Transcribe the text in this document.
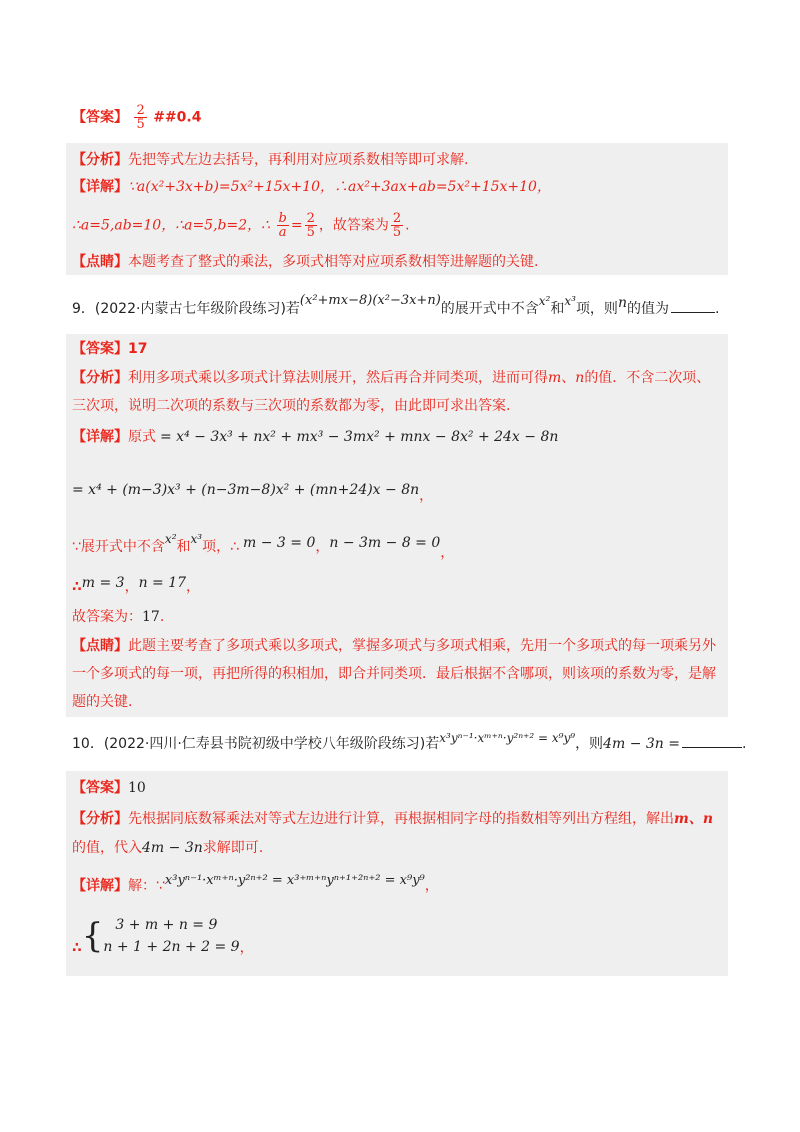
【答案】 $\frac{2}{5}$ ##0.4
【分析】先把等式左边去括号，再利用对应项系数相等即可求解.
【详解】∵a(x²+3x+b)=5x²+15x+10，∴ax²+3ax+ab=5x²+15x+10，
∴a=5,ab=10，∴a=5,b=2，∴ $\frac{b}{a} = \frac{2}{5}$ ，故答案为 $\frac{2}{5}$ .
【点睛】本题考查了整式的乘法，多项式相等对应项系数相等进解题的关键.
9．(2022·内蒙古七年级阶段练习)若(x²+mx−8)(x²−3x+n)的展开式中不含x²和x³项，则n的值为	.
【答案】17
【分析】利用多项式乘以多项式计算法则展开，然后再合并同类项，进而可得m、n的值．不含二次项、
三次项，说明二次项的系数与三次项的系数都为零，由此即可求出答案.
【详解】原式 = x⁴ − 3x³ + nx² + mx³ − 3mx² + mnx − 8x² + 24x − 8n
= x⁴ + (m−3)x³ + (n−3m−8)x² + (mn+24)x − 8n，
∵展开式中不含x²和x³项，∴ m − 3 = 0，n − 3m − 8 = 0，
∴m = 3，n = 17，
故答案为：17.
【点睛】此题主要考查了多项式乘以多项式，掌握多项式与多项式相乘，先用一个多项式的每一项乘另外
一个多项式的每一项，再把所得的积相加，即合并同类项．最后根据不含哪项，则该项的系数为零，是解
题的关键.
10．(2022·四川·仁寿县书院初级中学校八年级阶段练习)若x³yⁿ⁻¹·xᵐ⁺ⁿ·y²ⁿ⁺² = x⁹y⁹，则4m − 3n =	.
【答案】10
【分析】先根据同底数幂乘法对等式左边进行计算，再根据相同字母的指数相等列出方程组，解出m、n
的值，代入4m − 3n求解即可.
【详解】解：∵x³yⁿ⁻¹·xᵐ⁺ⁿ·y²ⁿ⁺² = x³⁺ᵐ⁺ⁿyⁿ⁺¹⁺²ⁿ⁺² = x⁹y⁹，
∴{ 3 + m + n = 9
n + 1 + 2n + 2 = 9 ，
